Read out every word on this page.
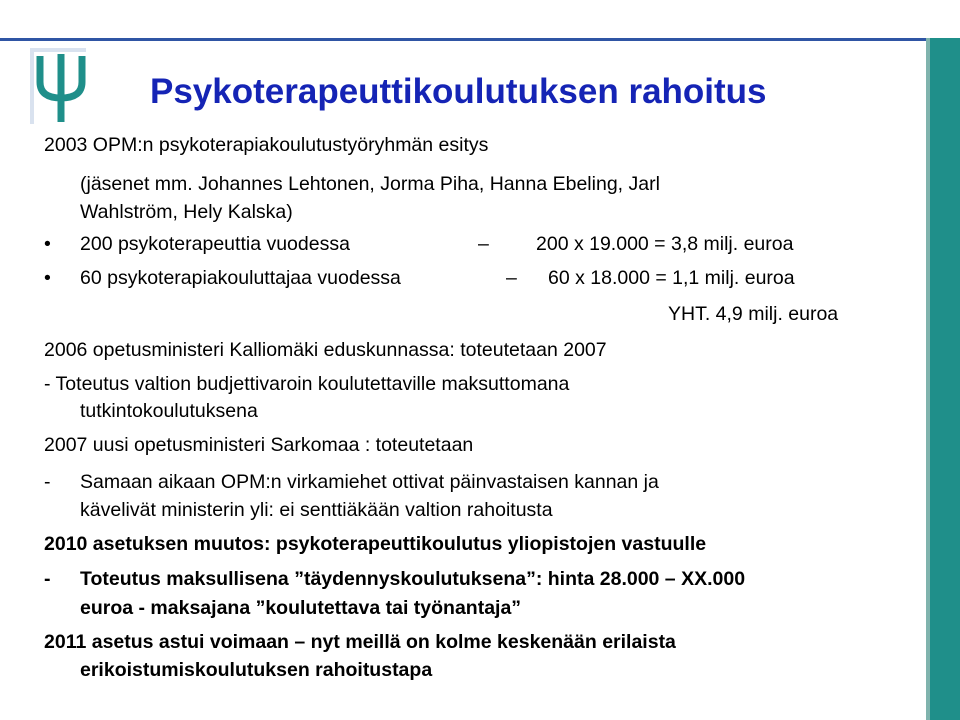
Psykoterapeuttikoulutuksen rahoitus
2003 OPM:n psykoterapiakoulutustyöryhmän esitys
(jäsenet mm. Johannes Lehtonen, Jorma Piha, Hanna Ebeling, Jarl
Wahlström, Hely Kalska)
• 200 psykoterapeuttia vuodessa	– 200 x 19.000 = 3,8 milj. euroa
• 60 psykoterapiakouluttajaa vuodessa	– 60 x 18.000 = 1,1 milj. euroa
YHT. 4,9 milj. euroa
2006 opetusministeri Kalliomäki eduskunnassa: toteutetaan 2007
- Toteutus valtion budjettivaroin koulutettaville maksuttomana
tutkintokoulutuksena
2007 uusi opetusministeri Sarkomaa : toteutetaan
- Samaan aikaan OPM:n virkamiehet ottivat päinvastaisen kannan ja
kävelivät ministerin yli: ei senttiäkään valtion rahoitusta
2010 asetuksen muutos: psykoterapeuttikoulutus yliopistojen vastuulle
- Toteutus maksullisena ”täydennyskoulutuksena”: hinta 28.000 – XX.000
euroa - maksajana ”koulutettava tai työnantaja”
2011 asetus astui voimaan – nyt meillä on kolme keskenään erilaista
erikoistumiskoulutuksen rahoitustapa
